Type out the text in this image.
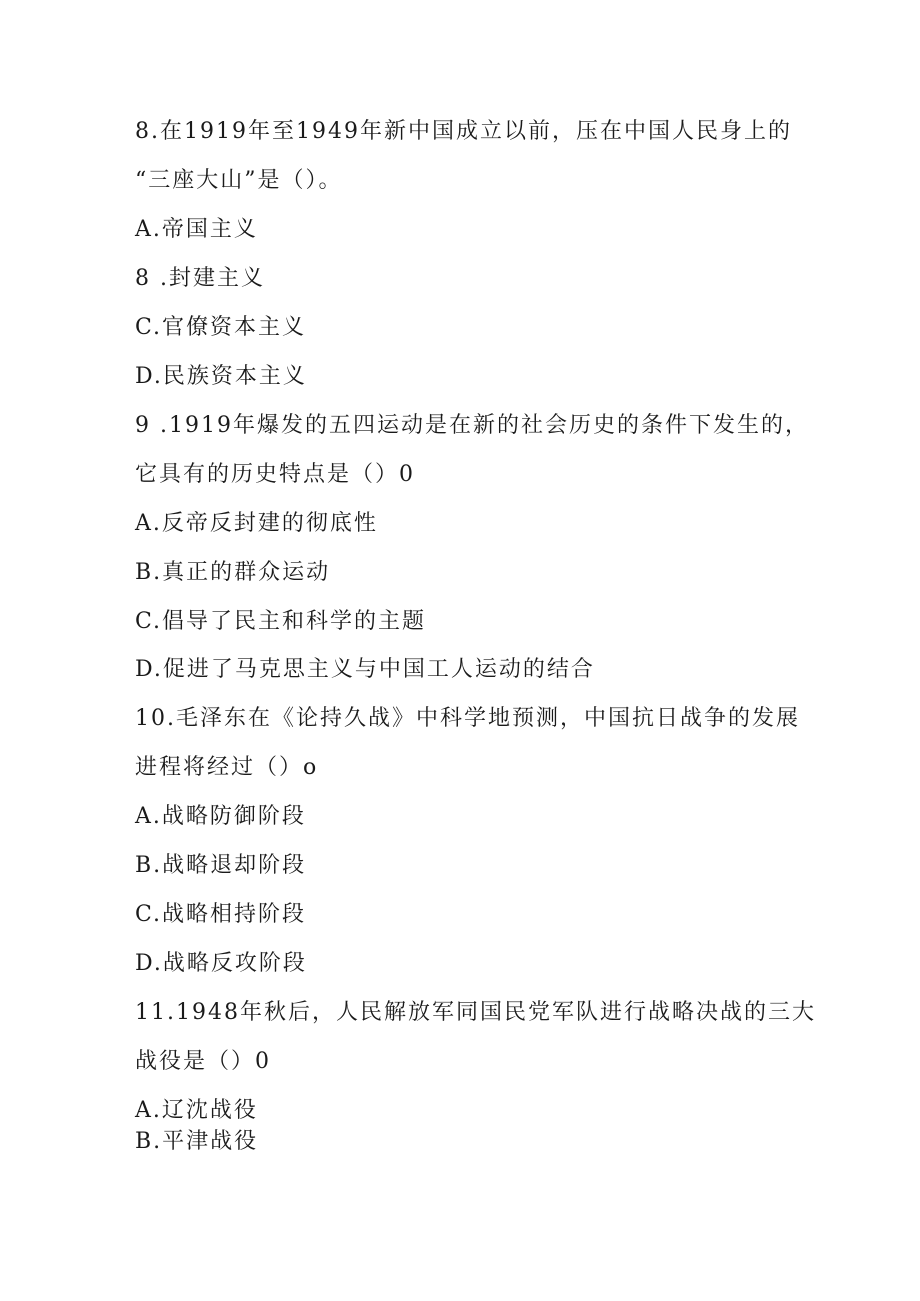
8.在1919年至1949年新中国成立以前，压在中国人民身上的
“三座大山”是（）。
A.帝国主义
8 .封建主义
C.官僚资本主义
D.民族资本主义
9 .1919年爆发的五四运动是在新的社会历史的条件下发生的，
它具有的历史特点是（）0
A.反帝反封建的彻底性
B.真正的群众运动
C.倡导了民主和科学的主题
D.促进了马克思主义与中国工人运动的结合
10.毛泽东在《论持久战》中科学地预测，中国抗日战争的发展
进程将经过（）o
A.战略防御阶段
B.战略退却阶段
C.战略相持阶段
D.战略反攻阶段
11.1948年秋后，人民解放军同国民党军队进行战略决战的三大
战役是（）0
A.辽沈战役
B.平津战役
